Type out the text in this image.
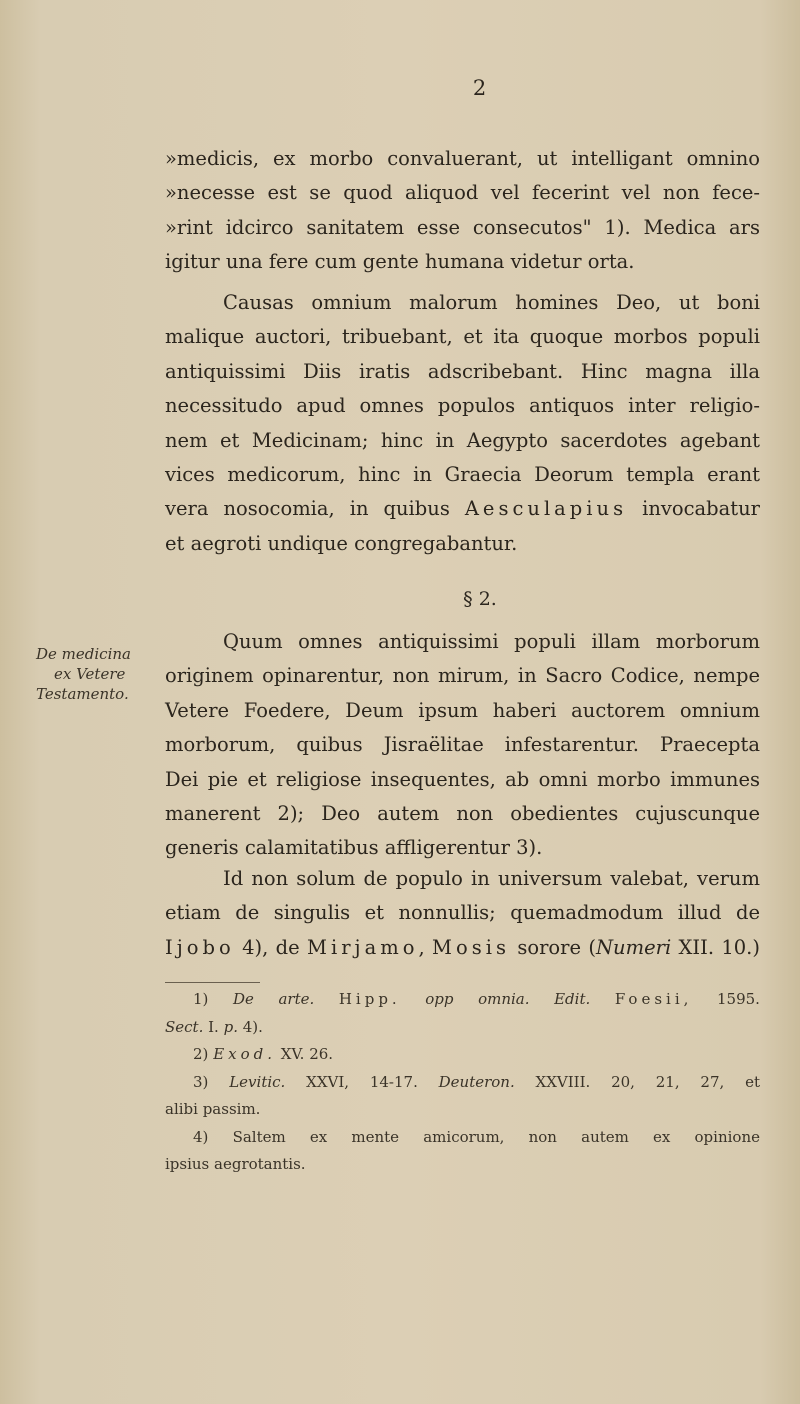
2
»medicis, ex morbo convaluerant, ut intelligant omnino
»necesse est se quod aliquod vel fecerint vel non fece-
»rint idcirco sanitatem esse consecutos" 1). Medica ars
igitur una fere cum gente humana videtur orta.
Causas omnium malorum homines Deo, ut boni
malique auctori, tribuebant, et ita quoque morbos populi
antiquissimi Diis iratis adscribebant. Hinc magna illa
necessitudo apud omnes populos antiquos inter religio-
nem et Medicinam; hinc in Aegypto sacerdotes agebant
vices medicorum, hinc in Graecia Deorum templa erant
vera nosocomia, in quibus Aesculapius invocabatur
et aegroti undique congregabantur.
§ 2.
De medicina
ex Vetere
Testamento.
Quum omnes antiquissimi populi illam morborum
originem opinarentur, non mirum, in Sacro Codice, nempe
Vetere Foedere, Deum ipsum haberi auctorem omnium
morborum, quibus Jisraëlitae infestarentur. Praecepta
Dei pie et religiose insequentes, ab omni morbo immunes
manerent 2); Deo autem non obedientes cujuscunque
generis calamitatibus affligerentur 3).
Id non solum de populo in universum valebat, verum
etiam de singulis et nonnullis; quemadmodum illud de
Ijobo 4), de Mirjamo, Mosis sorore (Numeri XII. 10.)
1) De arte. Hipp. opp omnia. Edit. Foesii, 1595.
Sect. I. p. 4).
2) Exod. XV. 26.
3) Levitic. XXVI, 14-17. Deuteron. XXVIII. 20, 21, 27, et
alibi passim.
4) Saltem ex mente amicorum, non autem ex opinione
ipsius aegrotantis.
